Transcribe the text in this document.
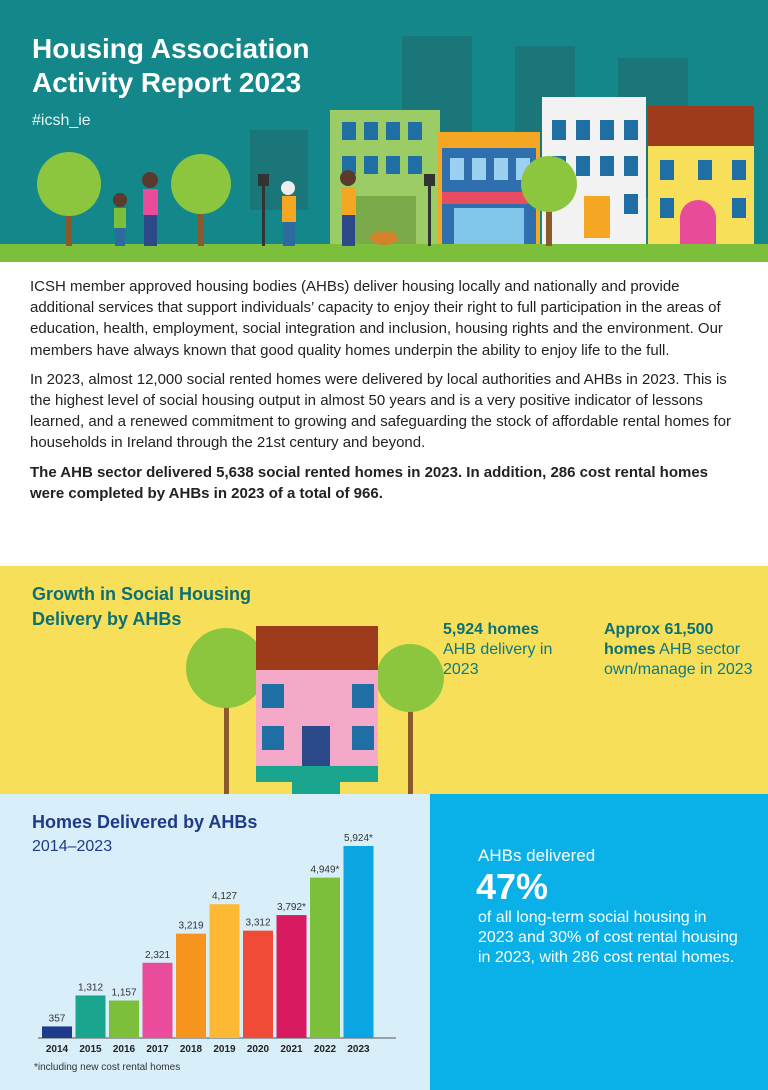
Housing Association
Activity Report 2023
#icsh_ie

ICSH member approved housing bodies (AHBs) deliver housing locally and nationally and provide additional services that support individuals’ capacity to enjoy their right to full participation in the areas of education, health, employment, social integration and inclusion, housing rights and the environment. Our members have always known that good quality homes underpin the ability to enjoy life to the full.

In 2023, almost 12,000 social rented homes were delivered by local authorities and AHBs in 2023. This is the highest level of social housing output in almost 50 years and is a very positive indicator of lessons learned, and a renewed commitment to growing and safeguarding the stock of affordable rental homes for households in Ireland through the 21st century and beyond.

The AHB sector delivered 5,638 social rented homes in 2023. In addition, 286 cost rental homes were completed by AHBs in 2023 of a total of 966.

Growth in Social Housing
Delivery by AHBs
5,924 homes
AHB delivery in 2023
Approx 61,500 homes AHB sector own/manage in 2023
357
2014
1,312
2015
1,157
2016
2,321
2017
3,219
2018
4,127
2019
3,312
2020
3,792*
2021
4,949*
2022
5,924*
2023
Homes Delivered by AHBs
2014–2023
*including new cost rental homes
AHBs delivered
47%
of all long-term social housing in 2023 and 30% of cost rental housing in 2023, with 286 cost rental homes.
